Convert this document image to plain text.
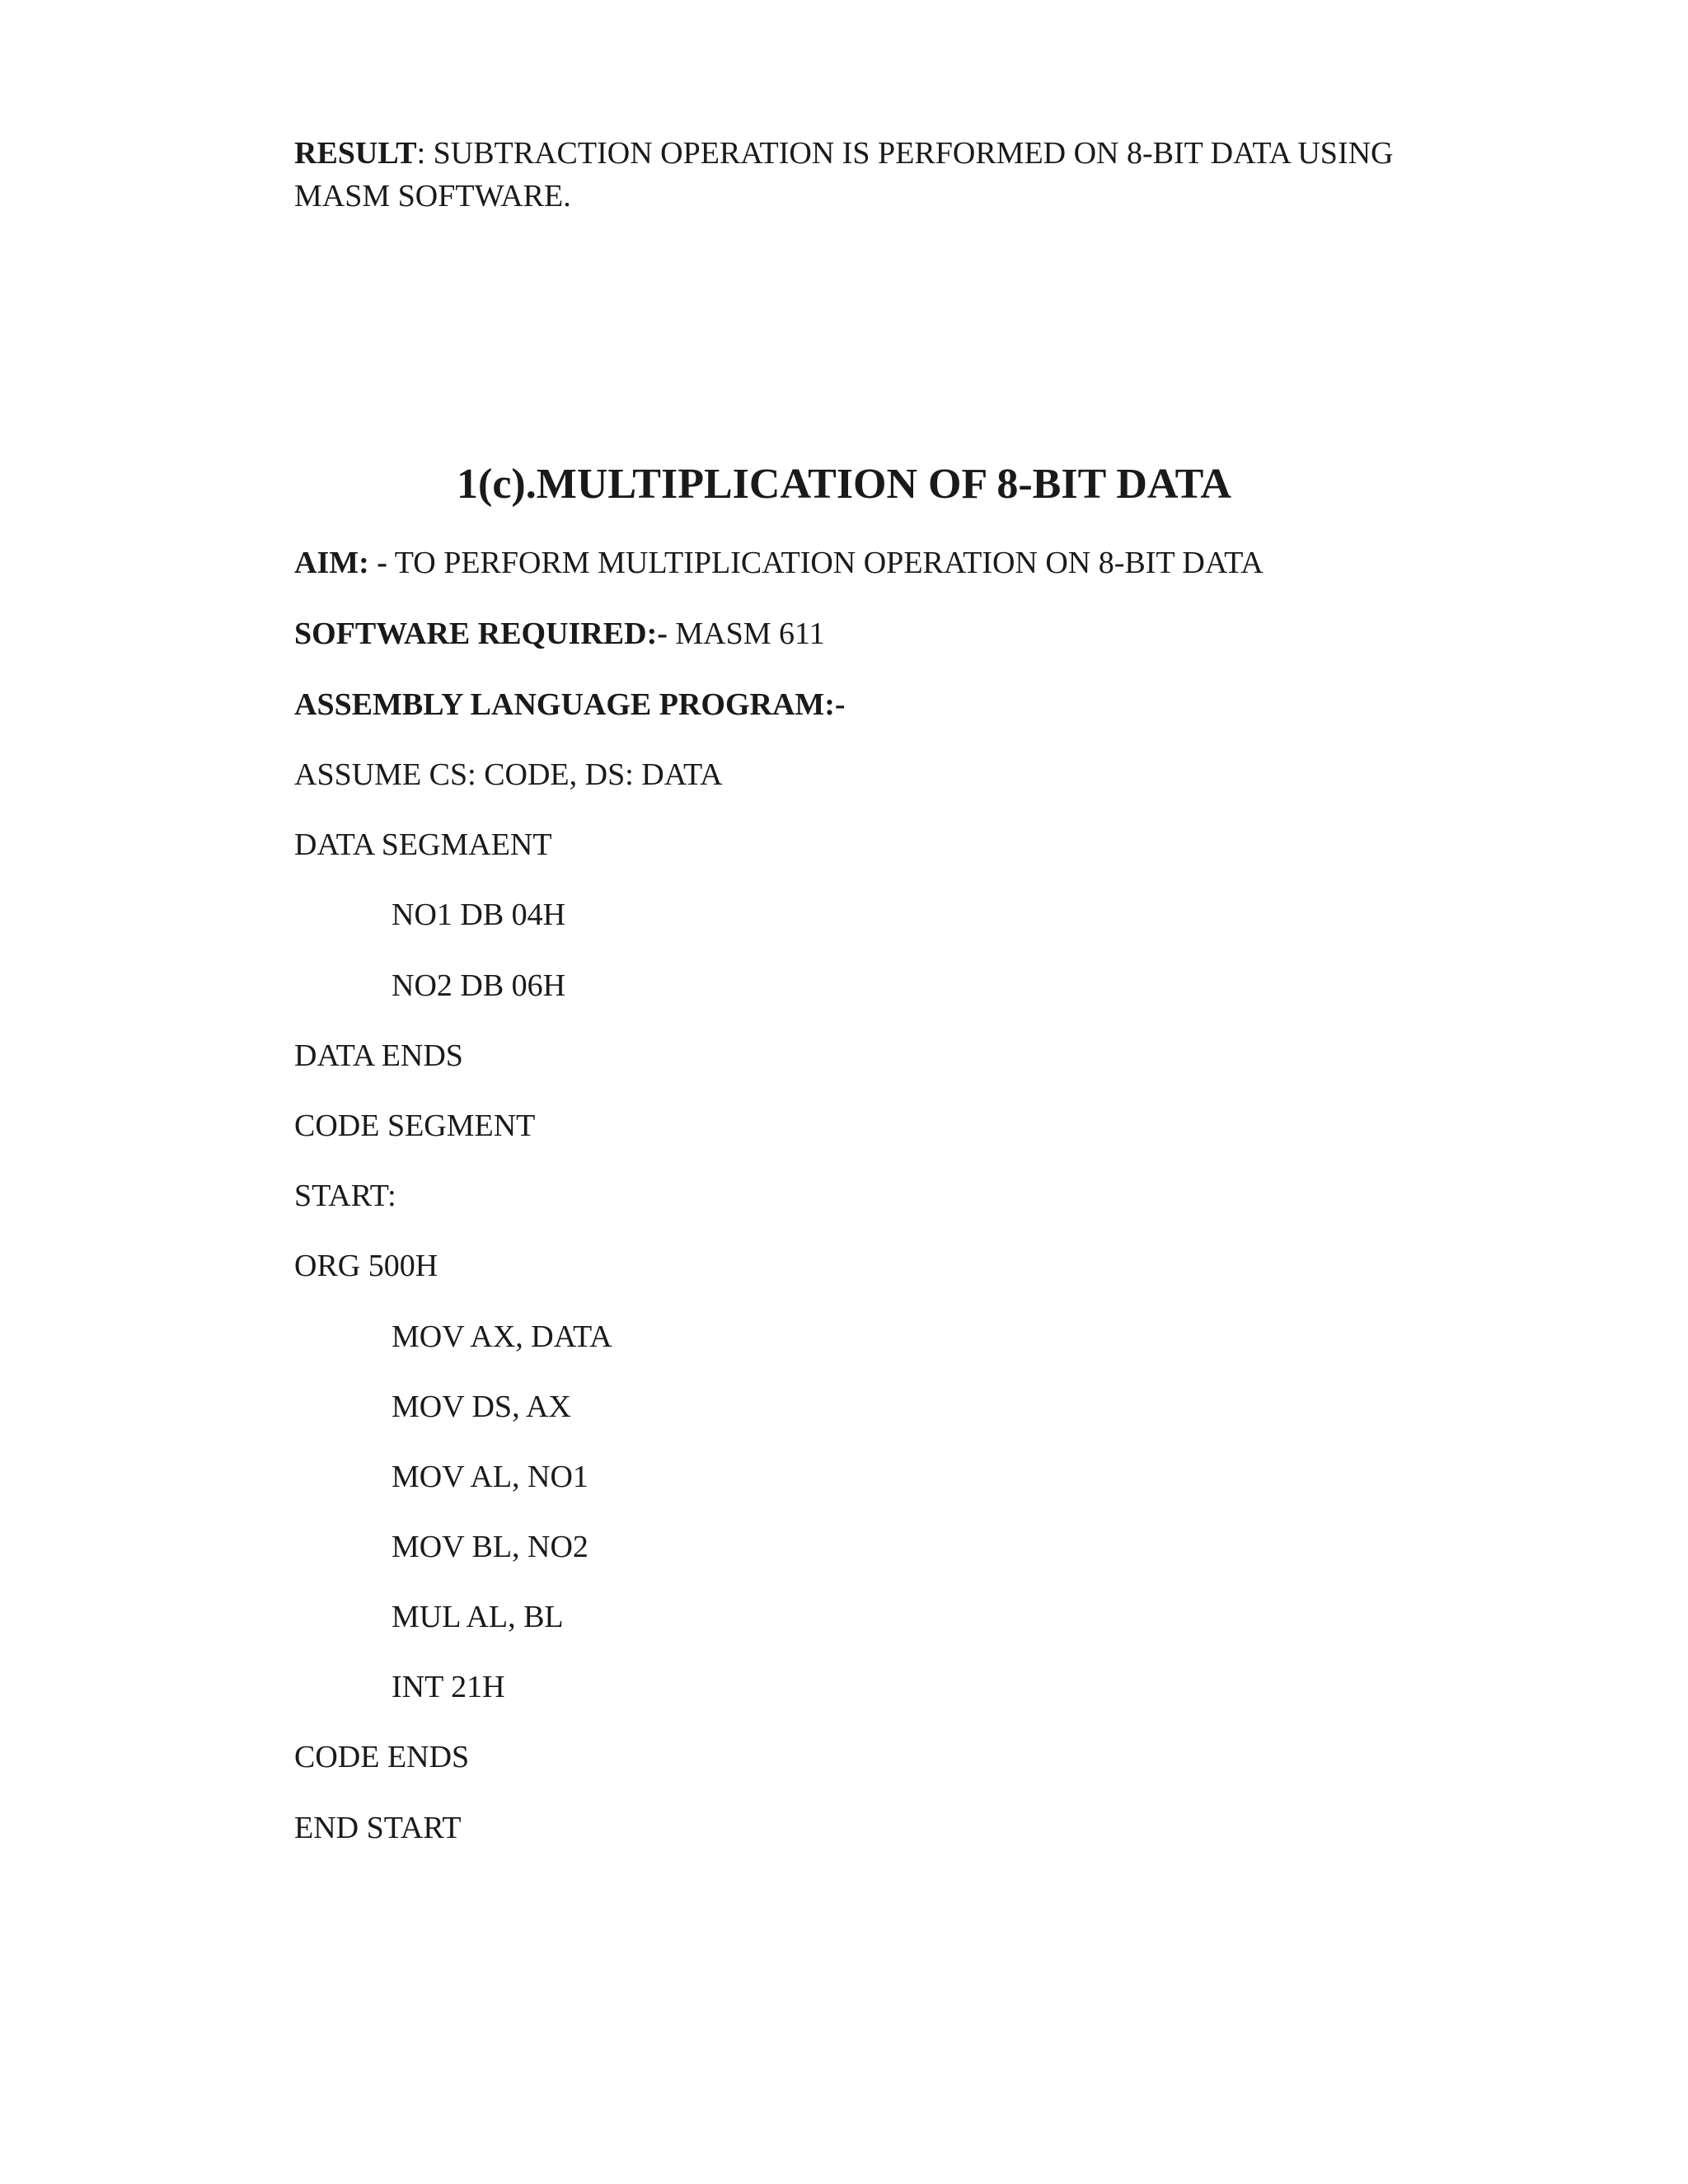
RESULT: SUBTRACTION OPERATION IS PERFORMED ON 8-BIT DATA USING
MASM SOFTWARE.
1(c).MULTIPLICATION OF 8-BIT DATA
AIM: - TO PERFORM MULTIPLICATION OPERATION ON 8-BIT DATA
SOFTWARE REQUIRED:- MASM 611
ASSEMBLY LANGUAGE PROGRAM:-
ASSUME CS: CODE, DS: DATA
DATA SEGMAENT
NO1 DB 04H
NO2 DB 06H
DATA ENDS
CODE SEGMENT
START:
ORG 500H
MOV AX, DATA
MOV DS, AX
MOV AL, NO1
MOV BL, NO2
MUL AL, BL
INT 21H
CODE ENDS
END START
